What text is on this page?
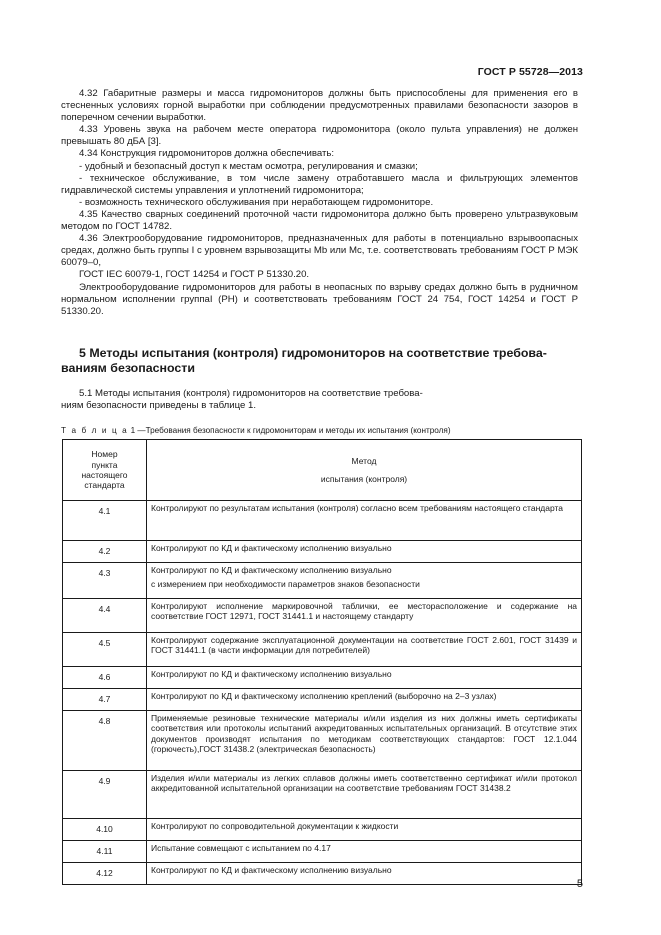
ГОСТ Р 55728—2013

4.32 Габаритные размеры и масса гидромониторов должны быть приспособлены для применения его в стесненных условиях горной выработки при соблюдении предусмотренных правилами безопасности зазоров в поперечном сечении выработки.

4.33 Уровень звука на рабочем месте оператора гидромонитора (около пульта управления) не должен превышать 80 дБА [3].

4.34 Конструкция гидромониторов должна обеспечивать:

- удобный и безопасный доступ к местам осмотра, регулирования и смазки;

- техническое обслуживание, в том числе замену отработавшего масла и фильтрующих элементов гидравлической системы управления и уплотнений гидромонитора;

- возможность технического обслуживания при неработающем гидромониторе.

4.35 Качество сварных соединений проточной части гидромонитора должно быть проверено ультразвуковым методом по ГОСТ 14782.

4.36 Электрооборудование гидромониторов, предназначенных для работы в потенциально взрывоопасных средах, должно быть группы I с уровнем взрывозащиты Mb или Mc, т.е. соответствовать требованиям ГОСТ Р МЭК 60079–0,

ГОСТ IEC 60079-1, ГОСТ 14254 и ГОСТ Р 51330.20.

Электрооборудование гидромониторов для работы в неопасных по взрыву средах должно быть в рудничном нормальном исполнении группаI (PH) и соответствовать требованиям ГОСТ 24 754, ГОСТ 14254 и ГОСТ Р 51330.20.

5 Методы испытания (контроля) гидромониторов на соответствие требова-
ваниям безопасности

5.1 Методы испытания (контроля) гидромониторов на соответствие требова-

ниям безопасности приведены в таблице 1.

Т а б л и ц а 1 —Требования безопасности к гидромониторам и методы их испытания (контроля)
Номер
пункта
настоящего
стандарта	Метод
испытания (контроля)

4.1	Контролируют по результатам испытания (контроля) согласно всем требованиям настоящего стандарта

4.2	Контролируют по КД и фактическому исполнению визуально

4.3	Контролируют по КД и фактическому исполнению визуально
с измерением при необходимости параметров знаков безопасности

4.4	Контролируют исполнение маркировочной таблички, ее месторасположение и содержание на соответствие ГОСТ 12971, ГОСТ 31441.1 и настоящему стандарту

4.5	Контролируют содержание эксплуатационной документации на соответствие ГОСТ 2.601, ГОСТ 31439 и ГОСТ 31441.1 (в части информации для потребителей)

4.6	Контролируют по КД и фактическому исполнению визуально

4.7	Контролируют по КД и фактическому исполнению креплений (выборочно на 2–3 узлах)

4.8	Применяемые резиновые технические материалы и/или изделия из них должны иметь сертификаты соответствия или протоколы испытаний аккредитованных испытательных организаций. В отсутствие этих документов производят испытания по методикам соответствующих стандартов: ГОСТ 12.1.044 (горючесть),ГОСТ 31438.2 (электрическая безопасность)

4.9	Изделия и/или материалы из легких сплавов должны иметь соответственно сертификат и/или протокол аккредитованной испытательной организации на соответствие требованиям ГОСТ 31438.2

4.10	Контролируют по сопроводительной документации к жидкости

4.11	Испытание совмещают с испытанием по 4.17

4.12	Контролируют по КД и фактическому исполнению визуально
5
